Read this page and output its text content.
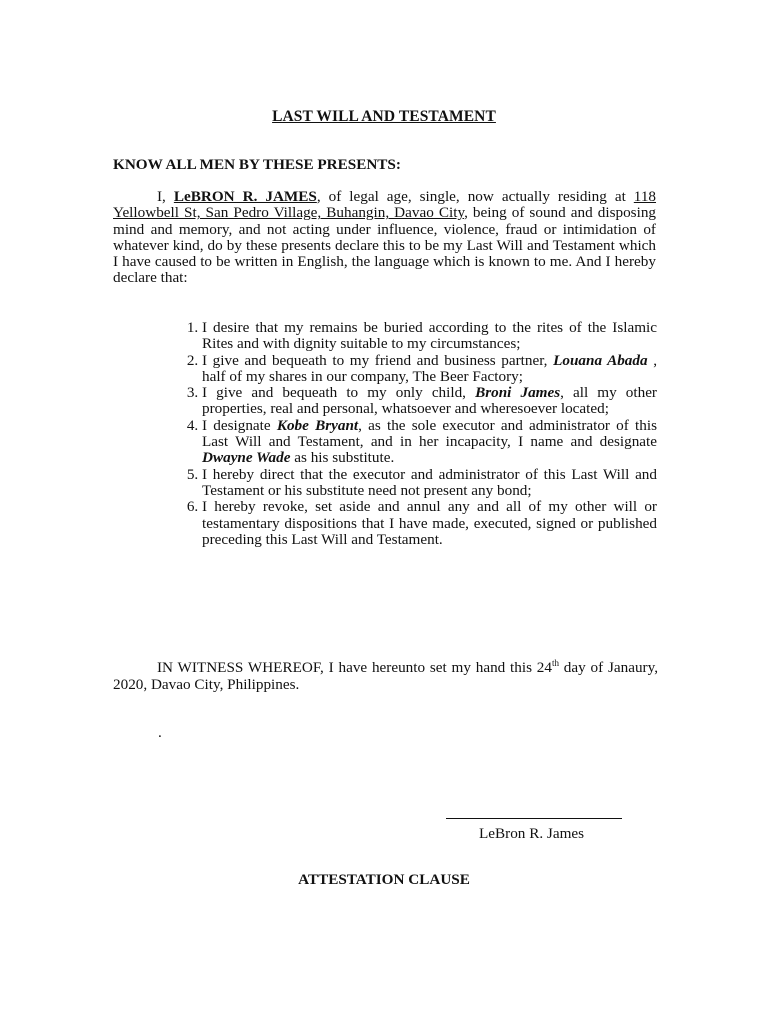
LAST WILL AND TESTAMENT
KNOW ALL MEN BY THESE PRESENTS:
I, LeBRON R. JAMES, of legal age, single, now actually residing at 118 Yellowbell St, San Pedro Village, Buhangin, Davao City, being of sound and disposing mind and memory, and not acting under influence, violence, fraud or intimidation of whatever kind, do by these presents declare this to be my Last Will and Testament which I have caused to be written in English, the language which is known to me. And I hereby declare that:
1. I desire that my remains be buried according to the rites of the Islamic Rites and with dignity suitable to my circumstances;
2. I give and bequeath to my friend and business partner, Louana Abada , half of my shares in our company, The Beer Factory;
3. I give and bequeath to my only child, Broni James, all my other properties, real and personal, whatsoever and wheresoever located;
4. I designate Kobe Bryant, as the sole executor and administrator of this Last Will and Testament, and in her incapacity, I name and designate Dwayne Wade as his substitute.
5. I hereby direct that the executor and administrator of this Last Will and Testament or his substitute need not present any bond;
6. I hereby revoke, set aside and annul any and all of my other will or testamentary dispositions that I have made, executed, signed or published preceding this Last Will and Testament.
IN WITNESS WHEREOF, I have hereunto set my hand this 24th day of Janaury, 2020, Davao City, Philippines.
.
LeBron R. James
ATTESTATION CLAUSE
